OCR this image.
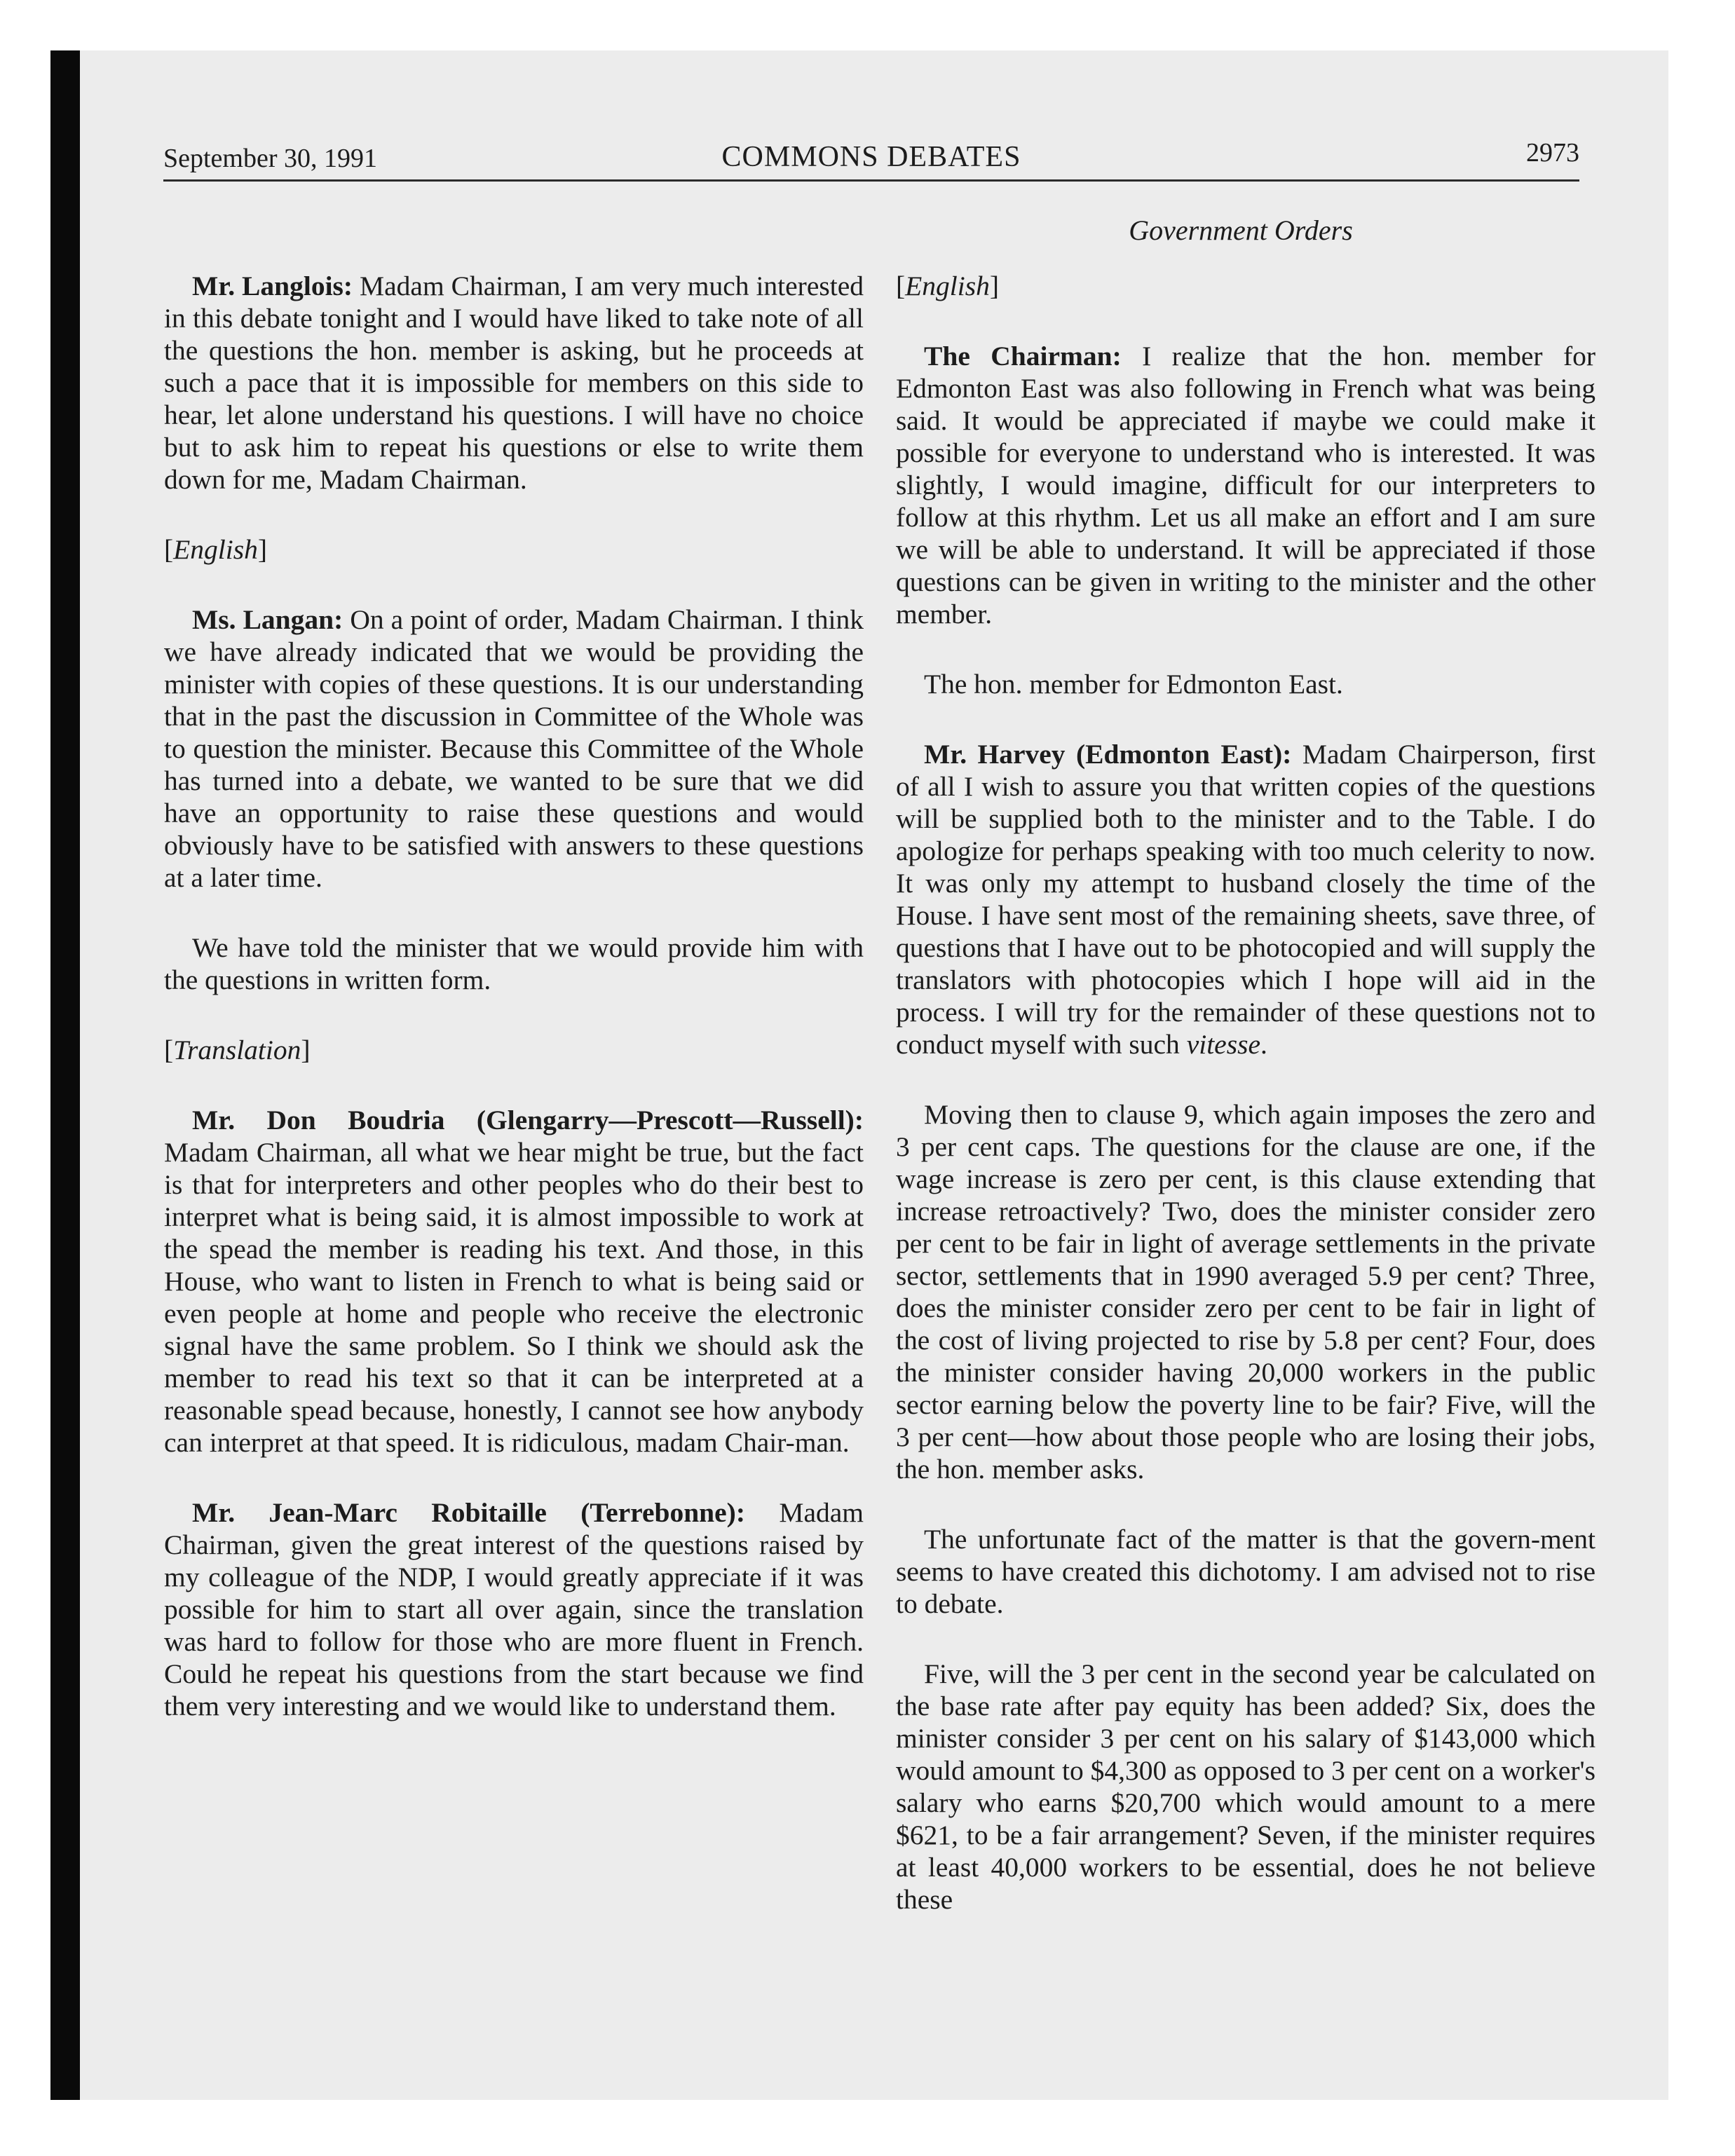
September 30, 1991	COMMONS DEBATES	2973
Government Orders

Mr. Langlois: Madam Chairman, I am very much interested in this debate tonight and I would have liked to take note of all the questions the hon. member is asking, but he proceeds at such a pace that it is impossible for members on this side to hear, let alone understand his questions. I will have no choice but to ask him to repeat his questions or else to write them down for me, Madam Chairman.

[English]

Ms. Langan: On a point of order, Madam Chairman. I think we have already indicated that we would be providing the minister with copies of these questions. It is our understanding that in the past the discussion in Committee of the Whole was to question the minister. Because this Committee of the Whole has turned into a debate, we wanted to be sure that we did have an opportunity to raise these questions and would obviously have to be satisfied with answers to these questions at a later time.

We have told the minister that we would provide him with the questions in written form.

[Translation]

Mr. Don Boudria (Glengarry—Prescott—Russell): Madam Chairman, all what we hear might be true, but the fact is that for interpreters and other peoples who do their best to interpret what is being said, it is almost impossible to work at the spead the member is reading his text. And those, in this House, who want to listen in French to what is being said or even people at home and people who receive the electronic signal have the same problem. So I think we should ask the member to read his text so that it can be interpreted at a reasonable spead because, honestly, I cannot see how anybody can interpret at that speed. It is ridiculous, madam Chair-man.

Mr. Jean-Marc Robitaille (Terrebonne): Madam Chairman, given the great interest of the questions raised by my colleague of the NDP, I would greatly appreciate if it was possible for him to start all over again, since the translation was hard to follow for those who are more fluent in French. Could he repeat his questions from the start because we find them very interesting and we would like to understand them.

[English]

The Chairman: I realize that the hon. member for Edmonton East was also following in French what was being said. It would be appreciated if maybe we could make it possible for everyone to understand who is interested. It was slightly, I would imagine, difficult for our interpreters to follow at this rhythm. Let us all make an effort and I am sure we will be able to understand. It will be appreciated if those questions can be given in writing to the minister and the other member.

The hon. member for Edmonton East.

Mr. Harvey (Edmonton East): Madam Chairperson, first of all I wish to assure you that written copies of the questions will be supplied both to the minister and to the Table. I do apologize for perhaps speaking with too much celerity to now. It was only my attempt to husband closely the time of the House. I have sent most of the remaining sheets, save three, of questions that I have out to be photocopied and will supply the translators with photocopies which I hope will aid in the process. I will try for the remainder of these questions not to conduct myself with such vitesse.

Moving then to clause 9, which again imposes the zero and 3 per cent caps. The questions for the clause are one, if the wage increase is zero per cent, is this clause extending that increase retroactively? Two, does the minister consider zero per cent to be fair in light of average settlements in the private sector, settlements that in 1990 averaged 5.9 per cent? Three, does the minister consider zero per cent to be fair in light of the cost of living projected to rise by 5.8 per cent? Four, does the minister consider having 20,000 workers in the public sector earning below the poverty line to be fair? Five, will the 3 per cent—how about those people who are losing their jobs, the hon. member asks.

The unfortunate fact of the matter is that the govern-ment seems to have created this dichotomy. I am advised not to rise to debate.

Five, will the 3 per cent in the second year be calculated on the base rate after pay equity has been added? Six, does the minister consider 3 per cent on his salary of $143,000 which would amount to $4,300 as opposed to 3 per cent on a worker's salary who earns $20,700 which would amount to a mere $621, to be a fair arrangement? Seven, if the minister requires at least 40,000 workers to be essential, does he not believe these
